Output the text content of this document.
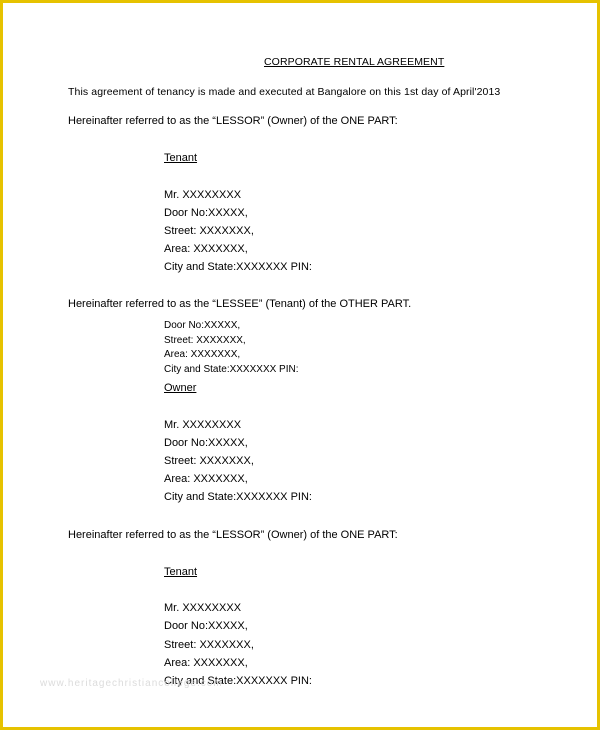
CORPORATE RENTAL AGREEMENT
This agreement of tenancy is made and executed at Bangalore on this 1st day of April'2013
Hereinafter referred to as the “LESSOR” (Owner) of the ONE PART:
Tenant
Mr. XXXXXXXX
Door No:XXXXX,
Street: XXXXXXX,
Area: XXXXXXX,
City and State:XXXXXXX PIN:
Hereinafter referred to as the “LESSEE” (Tenant) of the OTHER PART.
Door No:XXXXX,
Street: XXXXXXX,
Area: XXXXXXX,
City and State:XXXXXXX PIN:
Owner
Mr. XXXXXXXX
Door No:XXXXX,
Street: XXXXXXX,
Area: XXXXXXX,
City and State:XXXXXXX PIN:
Hereinafter referred to as the “LESSOR” (Owner) of the ONE PART:
Tenant
Mr. XXXXXXXX
Door No:XXXXX,
Street: XXXXXXX,
Area: XXXXXXX,
City and State:XXXXXXX PIN:
www.heritagechristiancollege.com
